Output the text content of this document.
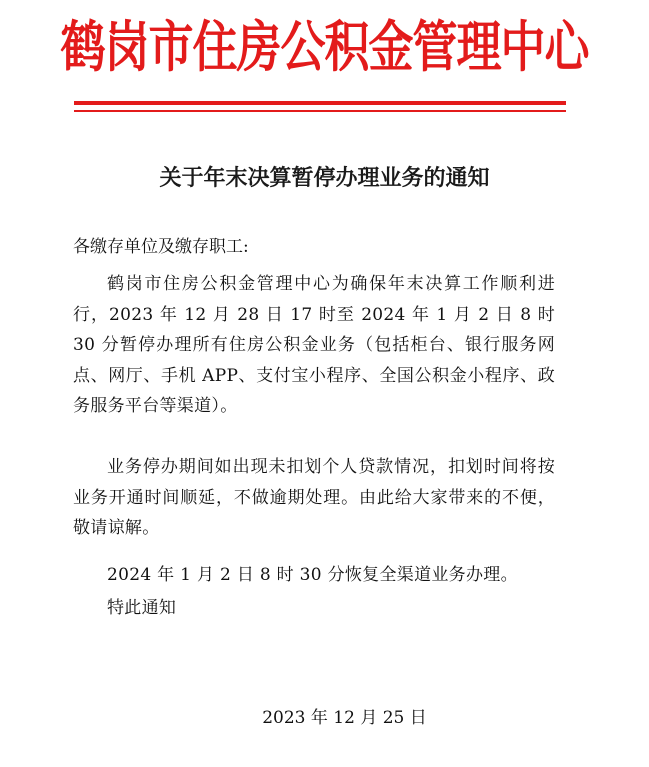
鹤岗市住房公积金管理中心
关于年末决算暂停办理业务的通知
各缴存单位及缴存职工:
鹤岗市住房公积金管理中心为确保年末决算工作顺利进行，2023 年 12 月 28 日 17 时至 2024 年 1 月 2 日 8 时 30 分暂停办理所有住房公积金业务（包括柜台、银行服务网点、网厅、手机 APP、支付宝小程序、全国公积金小程序、政务服务平台等渠道）。
业务停办期间如出现未扣划个人贷款情况，扣划时间将按业务开通时间顺延，不做逾期处理。由此给大家带来的不便，敬请谅解。
2024 年 1 月 2 日 8 时 30 分恢复全渠道业务办理。
特此通知
2023 年 12 月 25 日
